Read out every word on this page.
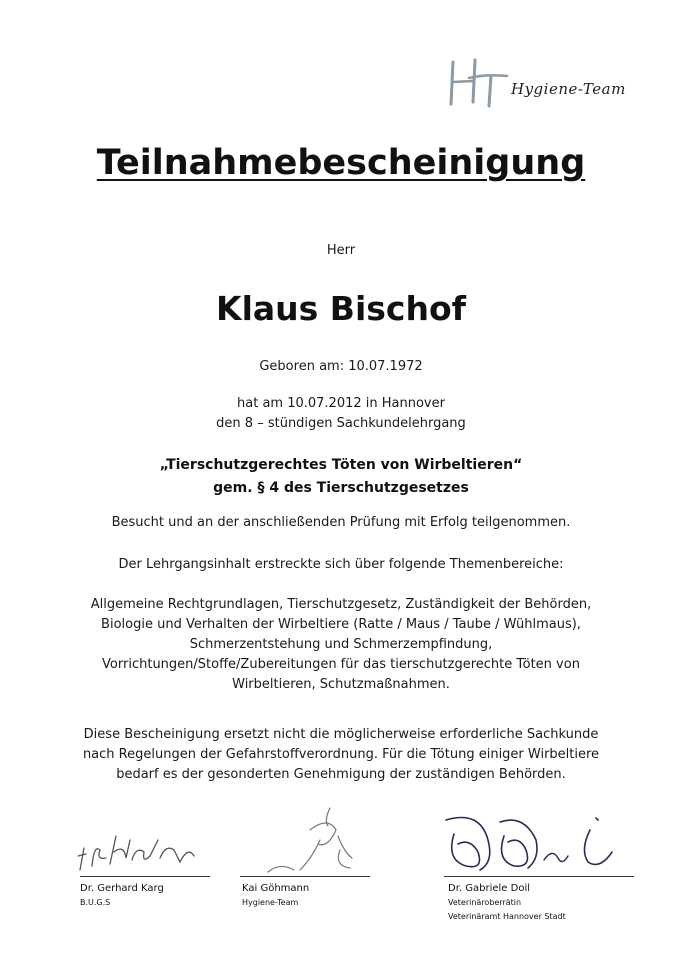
Hygiene-Team
Teilnahmebescheinigung
Herr
Klaus Bischof
Geboren am: 10.07.1972
hat am 10.07.2012 in Hannover
den 8 – stündigen Sachkundelehrgang
„Tierschutzgerechtes Töten von Wirbeltieren“
gem. § 4 des Tierschutzgesetzes
Besucht und an der anschließenden Prüfung mit Erfolg teilgenommen.
Der Lehrgangsinhalt erstreckte sich über folgende Themenbereiche:
Allgemeine Rechtgrundlagen, Tierschutzgesetz, Zuständigkeit der Behörden,
Biologie und Verhalten der Wirbeltiere (Ratte / Maus / Taube / Wühlmaus),
Schmerzentstehung und Schmerzempfindung,
Vorrichtungen/Stoffe/Zubereitungen für das tierschutzgerechte Töten von
Wirbeltieren, Schutzmaßnahmen.
Diese Bescheinigung ersetzt nicht die möglicherweise erforderliche Sachkunde
nach Regelungen der Gefahrstoffverordnung. Für die Tötung einiger Wirbeltiere
bedarf es der gesonderten Genehmigung der zuständigen Behörden.
Dr. Gerhard Karg
B.U.G.S
Kai Göhmann
Hygiene-Team
Dr. Gabriele Doil
Veterinäroberrätin
Veterinäramt Hannover Stadt
